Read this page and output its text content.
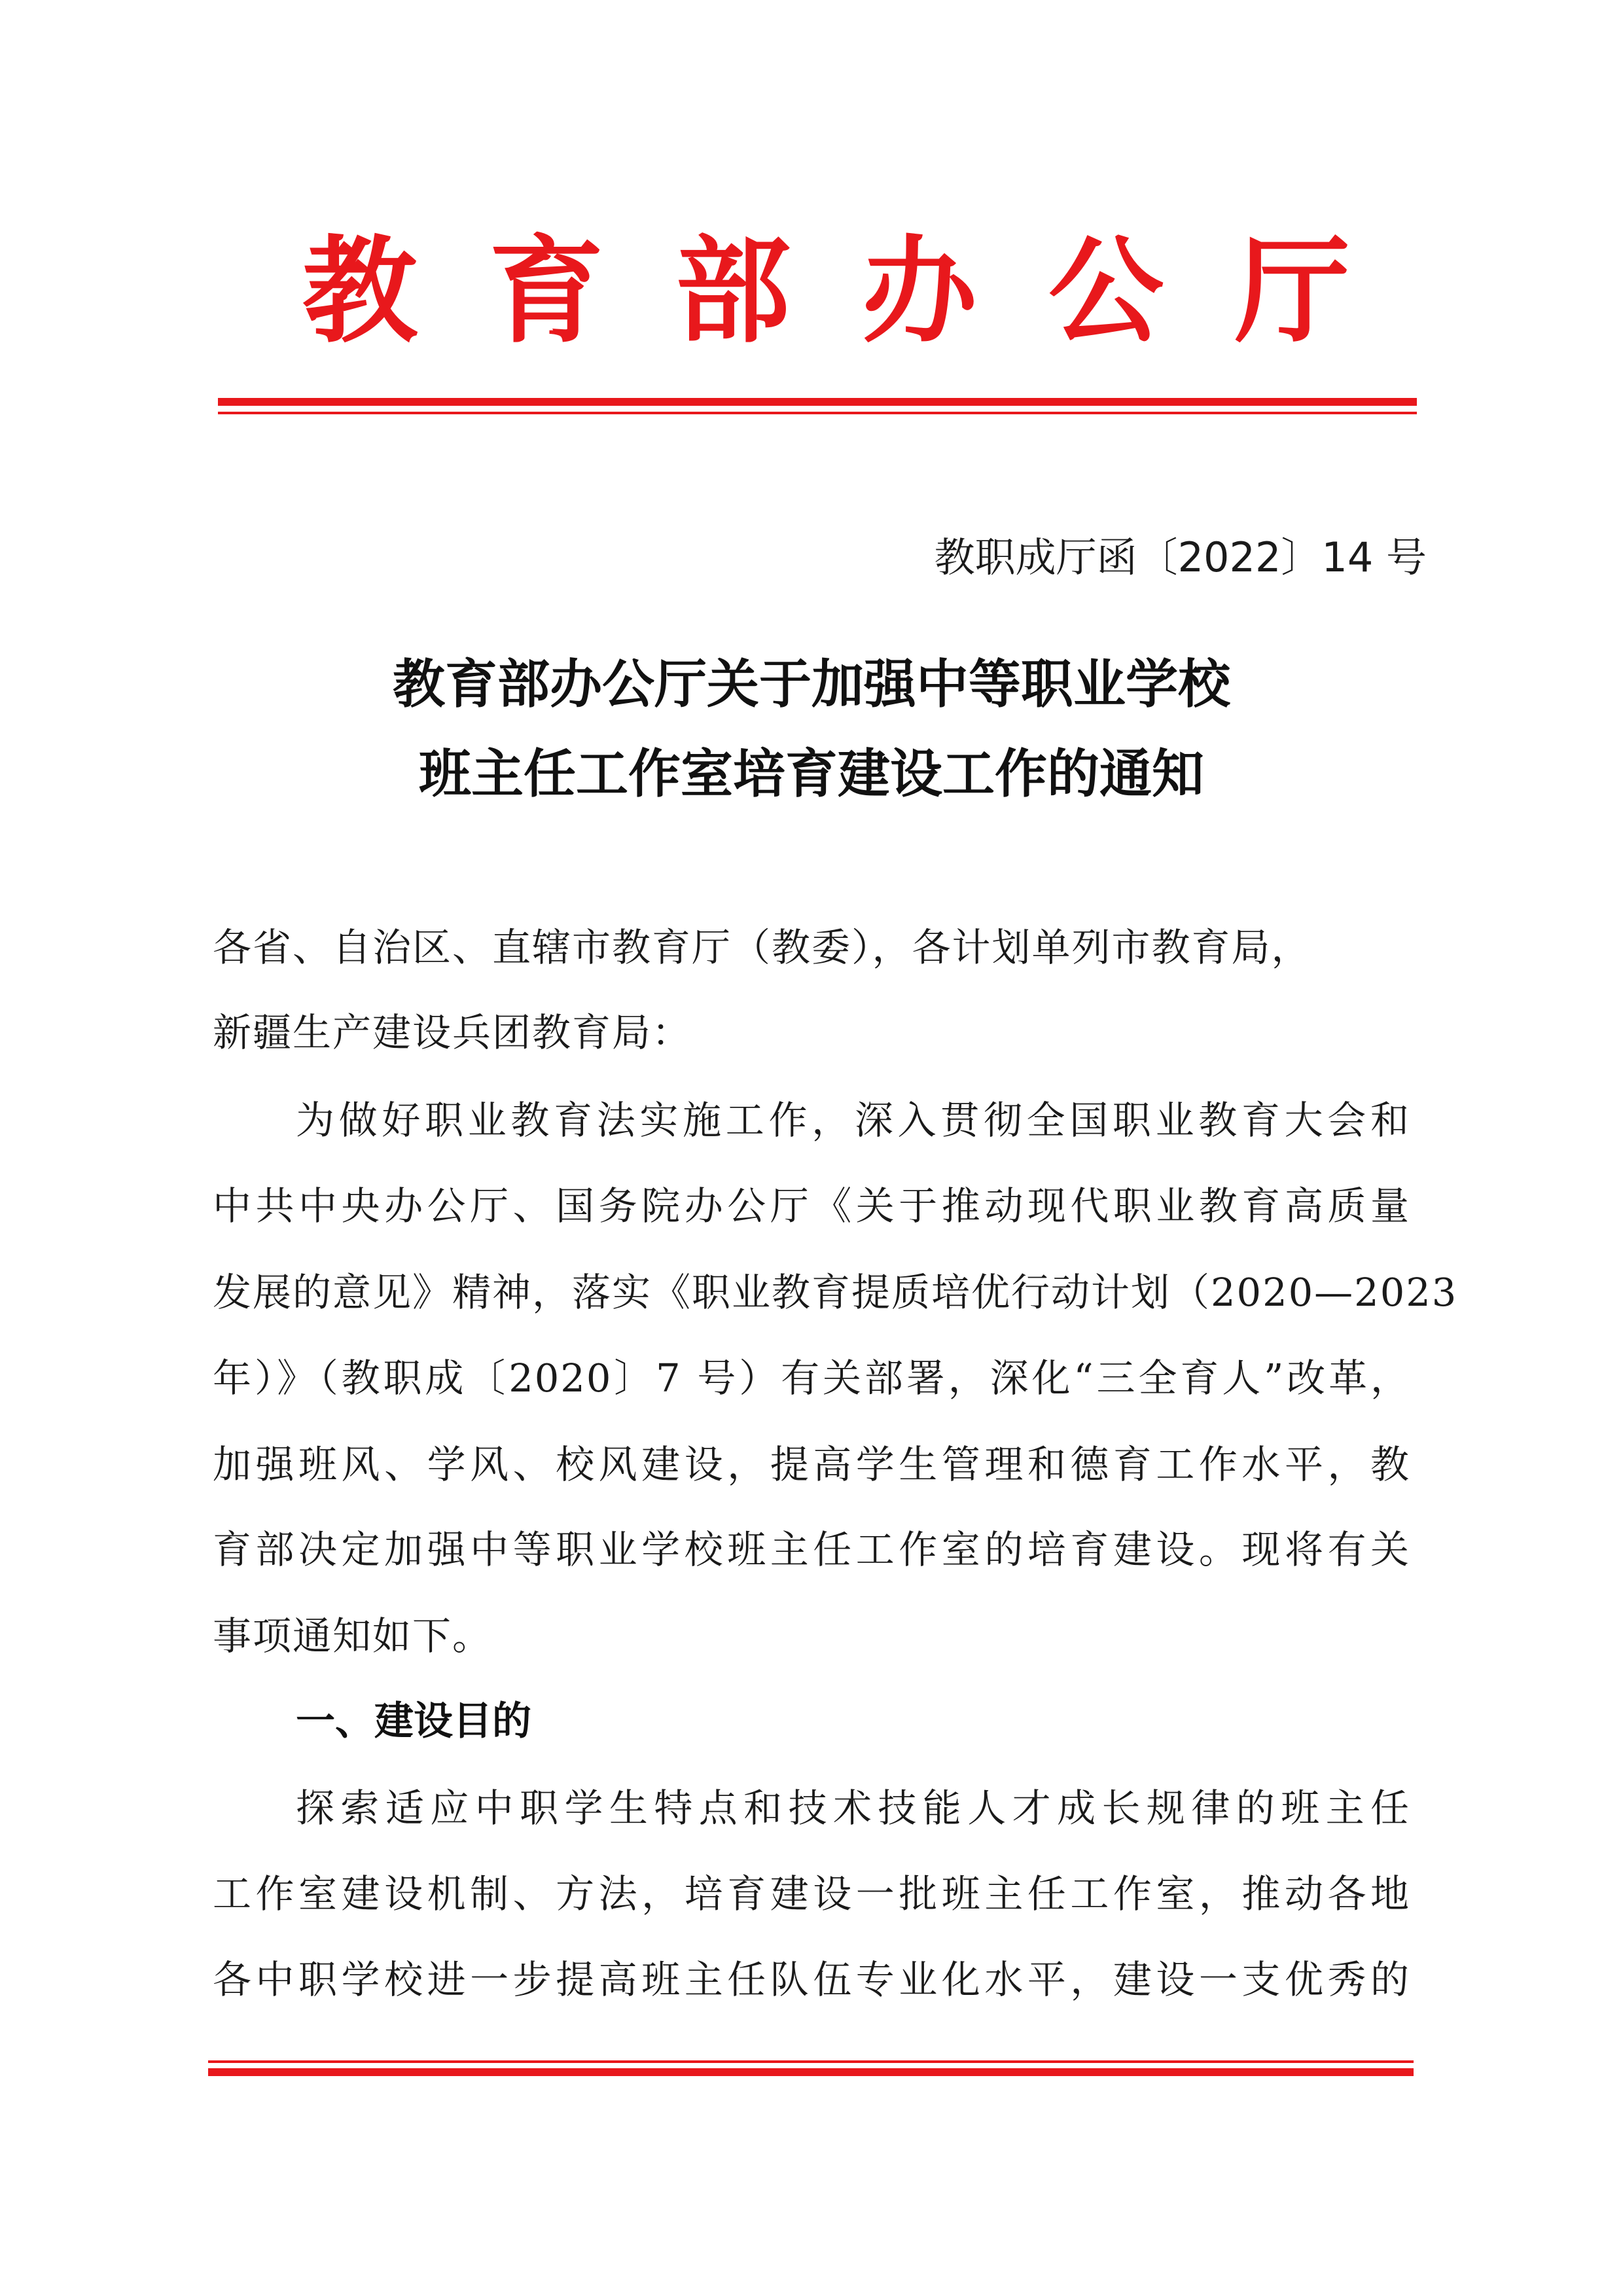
教 育 部 办 公 厅
教职成厅函〔2022〕14 号
教育部办公厅关于加强中等职业学校
班主任工作室培育建设工作的通知
各省、自治区、直辖市教育厅（教委），各计划单列市教育局，
新疆生产建设兵团教育局：
为做好职业教育法实施工作，深入贯彻全国职业教育大会和
中共中央办公厅、国务院办公厅《关于推动现代职业教育高质量
发展的意见》精神，落实《职业教育提质培优行动计划（2020—2023
年）》（教职成〔2020〕7 号）有关部署，深化“三全育人”改革，
加强班风、学风、校风建设，提高学生管理和德育工作水平，教
育部决定加强中等职业学校班主任工作室的培育建设。现将有关
事项通知如下。
一、建设目的
探索适应中职学生特点和技术技能人才成长规律的班主任
工作室建设机制、方法，培育建设一批班主任工作室，推动各地
各中职学校进一步提高班主任队伍专业化水平，建设一支优秀的
